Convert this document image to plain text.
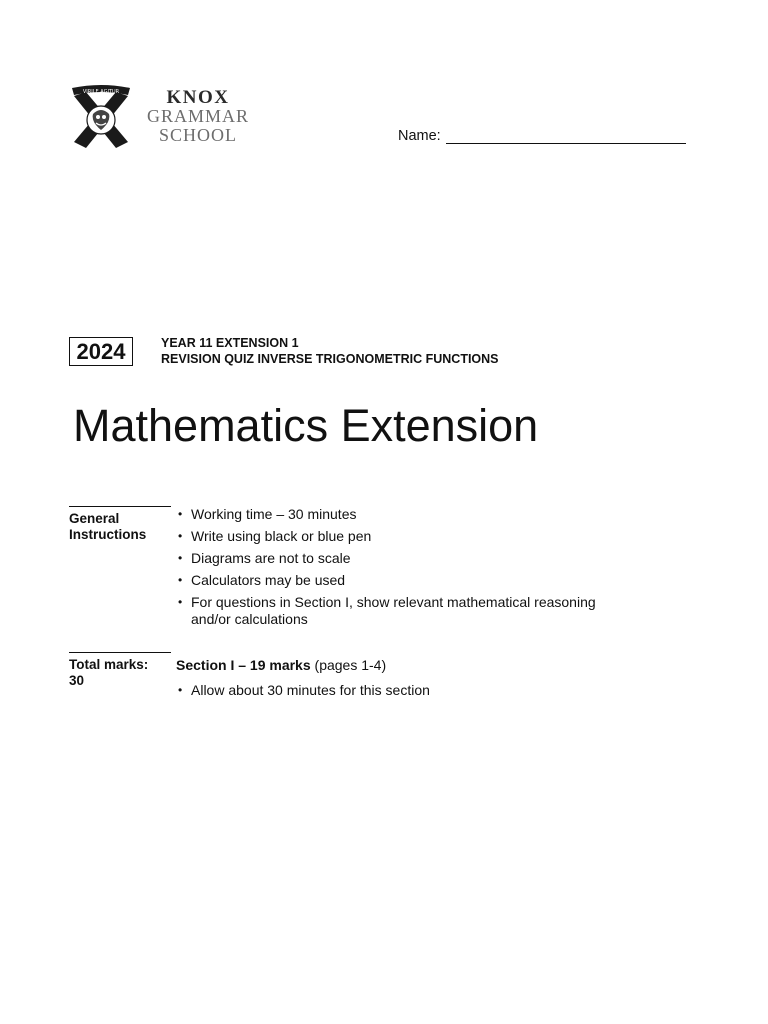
VIRILE AGITUR	KNOX
GRAMMAR
SCHOOL	Name:
2024	YEAR 11 EXTENSION 1
REVISION QUIZ INVERSE TRIGONOMETRIC FUNCTIONS
Mathematics Extension
General
Instructions
• Working time – 30 minutes
• Write using black or blue pen
• Diagrams are not to scale
• Calculators may be used
• For questions in Section I, show relevant mathematical reasoning and/or calculations
Total marks:
30
Section I – 19 marks (pages 1-4)
• Allow about 30 minutes for this section
